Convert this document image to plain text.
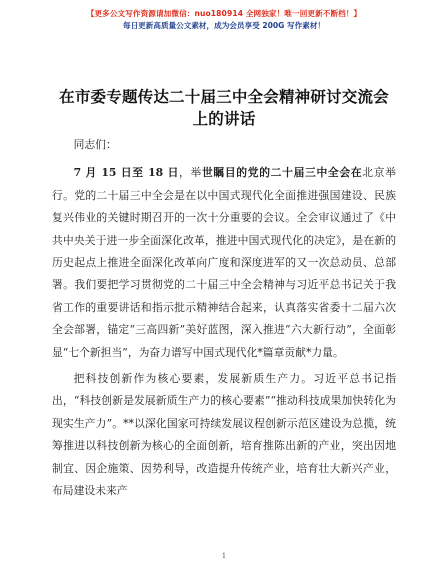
【更多公文写作资源请加微信：nuo180914 全网独家！唯一回更新不断档！】
每日更新高质量公文素材，成为会员享受 200G 写作素材！
在市委专题传达二十届三中全会精神研讨交流会上的讲话

同志们：

7 月 15 日至 18 日，举世瞩目的党的二十届三中全会在北京举行。党的二十届三中全会是在以中国式现代化全面推进强国建设、民族复兴伟业的关键时期召开的一次十分重要的会议。全会审议通过了《中共中央关于进一步全面深化改革，推进中国式现代化的决定》，是在新的历史起点上推进全面深化改革向广度和深度进军的又一次总动员、总部署。我们要把学习贯彻党的二十届三中全会精神与习近平总书记关于我省工作的重要讲话和指示批示精神结合起来，认真落实省委十二届六次全会部署，锚定“三高四新”美好蓝图，深入推进“六大新行动”，全面彰显“七个新担当”，为奋力谱写中国式现代化*篇章贡献*力量。

把科技创新作为核心要素，发展新质生产力。习近平总书记指出，“科技创新是发展新质生产力的核心要素”“推动科技成果加快转化为现实生产力”。**以深化国家可持续发展议程创新示范区建设为总揽，统筹推进以科技创新为核心的全面创新，培育推陈出新的产业，突出因地制宜、因企施策、因势利导，改造提升传统产业，培育壮大新兴产业，布局建设未来产

1
